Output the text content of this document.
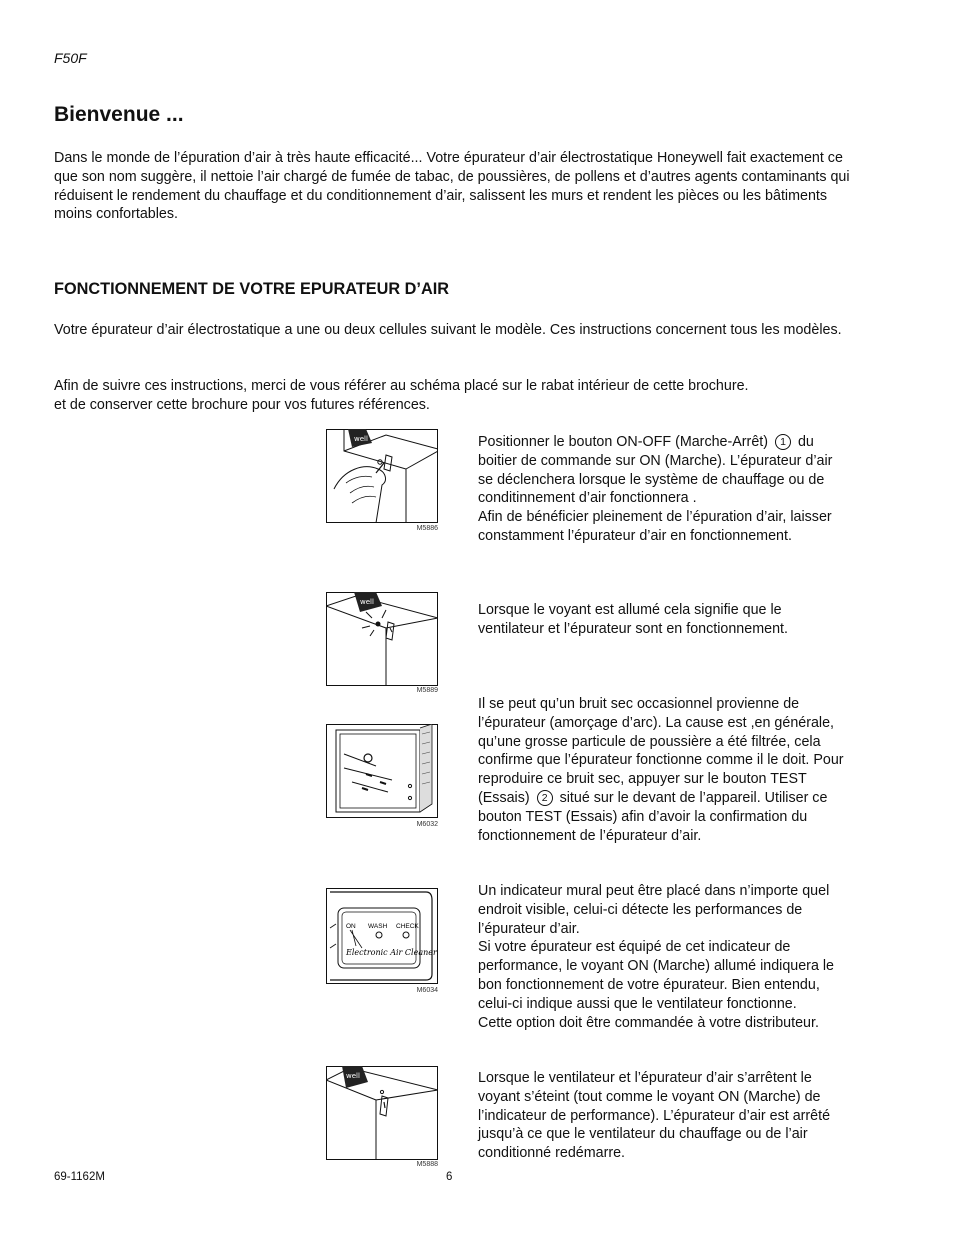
F50F
Bienvenue ...
Dans le monde de l’épuration d’air à très haute efficacité... Votre épurateur d’air électrostatique Honeywell fait exactement ce que son nom suggère, il nettoie l’air chargé de fumée de tabac, de poussières, de pollens et d’autres agents contaminants qui réduisent le rendement du chauffage et du conditionnement d’air, salissent les murs et rendent les pièces ou les bâtiments moins confortables.
FONCTIONNEMENT DE VOTRE EPURATEUR D’AIR
Votre épurateur d’air électrostatique a une ou deux cellules suivant le modèle. Ces instructions concernent tous les modèles.
Afin de suivre ces instructions, merci de vous référer au schéma placé sur le rabat intérieur de cette brochure.
et de conserver cette brochure pour vos futures références.
well
M5886
Positionner le bouton ON-OFF (Marche-Arrêt) 1 du boitier de commande sur ON (Marche). L’épurateur d’air se déclenchera lorsque le système de chauffage ou de conditinnement d’air fonctionnera .
Afin de bénéficier pleinement de l’épuration d’air, laisser constamment l’épurateur d’air en fonctionnement.
well
M5889
Lorsque le voyant est allumé cela signifie que le ventilateur et l’épurateur sont en fonctionnement.
M6032
Il se peut qu’un bruit sec occasionnel provienne de l’épurateur (amorçage d’arc). La cause est ,en générale, qu’une grosse particule de poussière a été filtrée, cela confirme que l’épurateur fonctionne comme il le doit. Pour reproduire ce bruit sec, appuyer sur le bouton TEST (Essais) 2 situé sur le devant de l’appareil. Utiliser ce bouton TEST (Essais) afin d’avoir la confirmation du fonctionnement de l’épurateur d’air.
ON WASH CHECK
Electronic Air Cleaner
M6034
Un indicateur mural peut être placé dans n’importe quel endroit visible, celui-ci détecte les performances de l’épurateur d’air.
Si votre épurateur est équipé de cet indicateur de performance, le voyant ON (Marche) allumé indiquera le bon fonctionnement de votre épurateur. Bien entendu, celui-ci indique aussi que le ventilateur fonctionne.
Cette option doit être commandée à votre distributeur.
well
M5888
Lorsque le ventilateur et l’épurateur d’air s’arrêtent le voyant s’éteint (tout comme le voyant ON (Marche) de l’indicateur de performance). L’épurateur d’air est arrêté jusqu’à ce que le ventilateur du chauffage ou de l’air conditionné redémarre.
69-1162M	6
